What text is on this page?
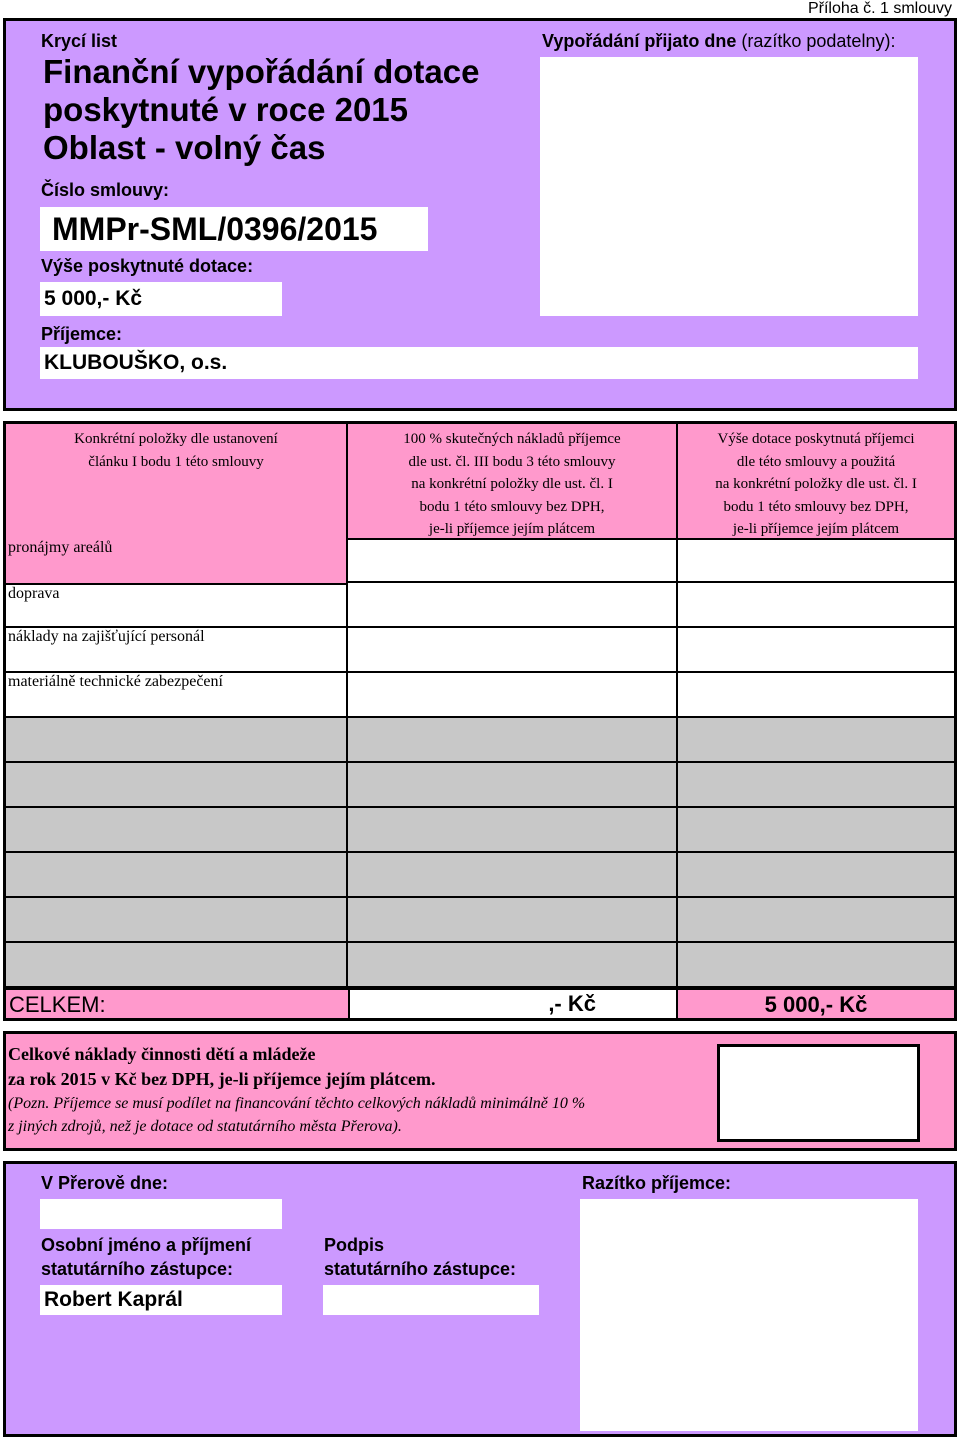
Příloha č. 1 smlouvy
Krycí list
Finanční vypořádání dotace
poskytnuté v roce 2015
Oblast - volný čas
Číslo smlouvy:
MMPr-SML/0396/2015
Výše poskytnuté dotace:
5 000,- Kč
Příjemce:
KLUBOUŠKO, o.s.
Vypořádání přijato dne (razítko podatelny):
Konkrétní položky dle ustanovení
článku I bodu 1 této smlouvy
100 % skutečných nákladů příjemce
dle ust. čl. III bodu 3 této smlouvy
na konkrétní položky dle ust. čl. I
bodu 1 této smlouvy bez DPH,
je-li příjemce jejím plátcem
Výše dotace poskytnutá příjemci
dle této smlouvy a použitá
na konkrétní položky dle ust. čl. I
bodu 1 této smlouvy bez DPH,
je-li příjemce jejím plátcem
pronájmy areálů
doprava
náklady na zajišťující personál
materiálně technické zabezpečení
CELKEM:	,- Kč	5 000,- Kč
Celkové náklady činnosti dětí a mládeže
za rok 2015 v Kč bez DPH, je-li příjemce jejím plátcem.
(Pozn. Příjemce se musí podílet na financování těchto celkových nákladů minimálně 10 %
z jiných zdrojů, než je dotace od statutárního města Přerova).
V Přerově dne:
Osobní jméno a příjmení
statutárního zástupce:
Robert Kaprál
Podpis
statutárního zástupce:
Razítko příjemce:
